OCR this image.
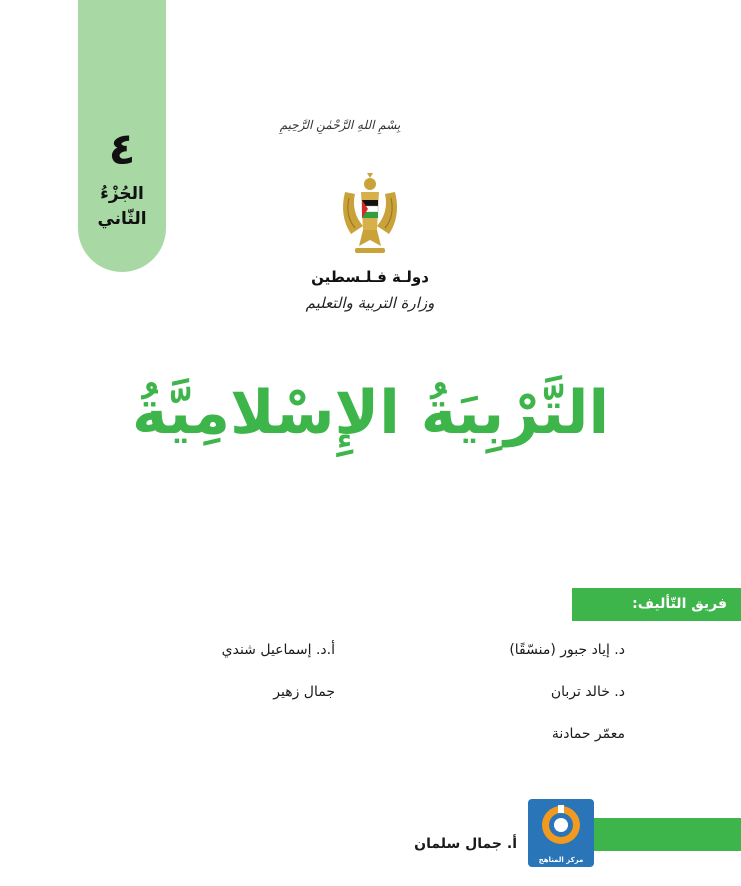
٤
الجُزْءُ
الثّاني
بِسْمِ اللهِ الرَّحْمٰنِ الرَّحِيمِ
دولـة فـلـسطين
وزارة التربية والتعليم
التَّرْبِيَةُ الإِسْلامِيَّةُ
فريق التّأليف:
د. إياد جبور (منسّقًا)
د. خالد تربان
معمّر حمادنة
أ.د. إسماعيل شندي
جمال زهير
مركز المناهج
أ. جمال سلمان
